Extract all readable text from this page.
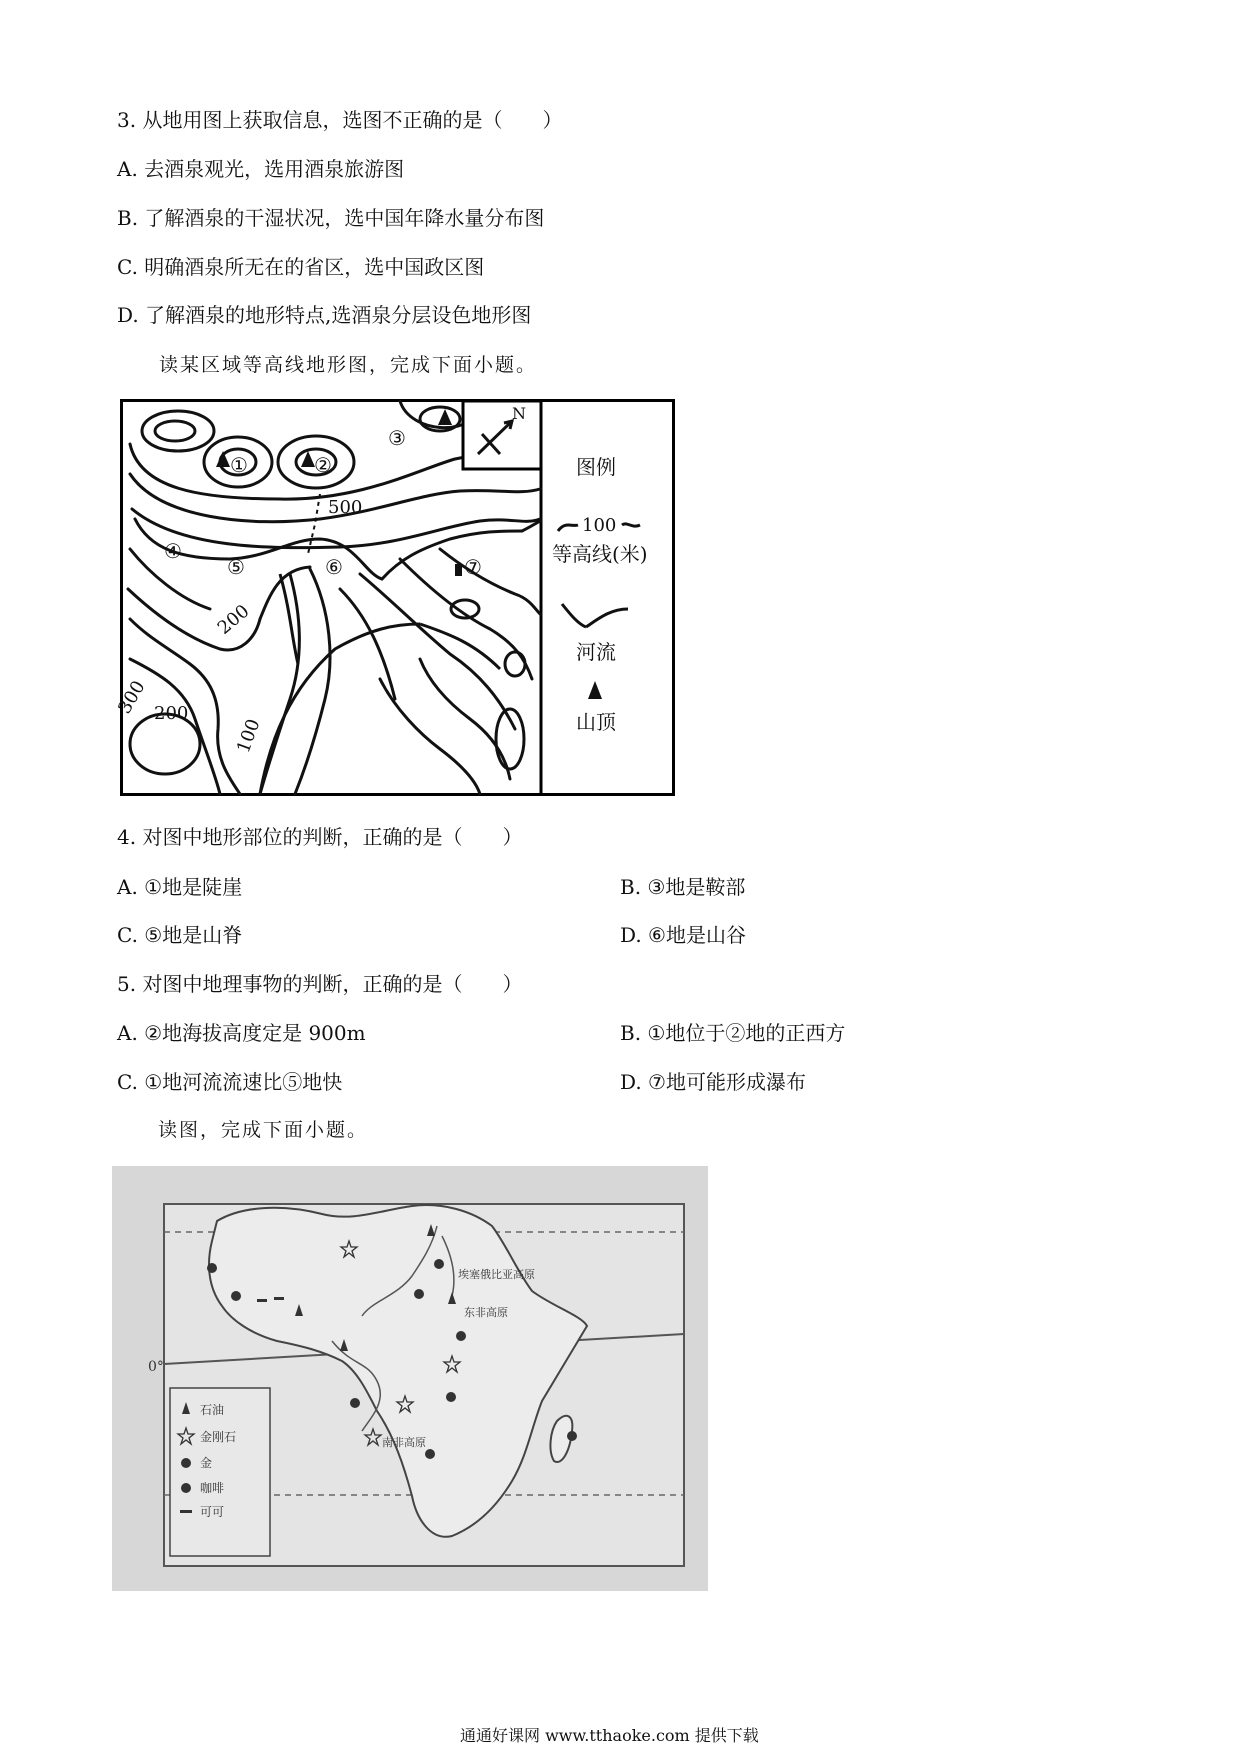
3. 从地用图上获取信息，选图不正确的是（　　）
A. 去酒泉观光，选用酒泉旅游图
B. 了解酒泉的干湿状况，选中国年降水量分布图
C. 明确酒泉所无在的省区，选中国政区图
D. 了解酒泉的地形特点,选酒泉分层设色地形图
读某区域等高线地形图，完成下面小题。
①	②
③
④
⑤	⑥	⑦
500
200
300 200
100
N
图例
100
等高线(米)
河流
山顶
4. 对图中地形部位的判断，正确的是（　　）
A. ①地是陡崖	B. ③地是鞍部
C. ⑤地是山脊	D. ⑥地是山谷
5. 对图中地理事物的判断，正确的是（　　）
A. ②地海拔高度定是 900m	B. ①地位于②地的正西方
C. ①地河流流速比⑤地快	D. ⑦地可能形成瀑布
读图，完成下面小题。
0°
埃塞俄比亚高原
东非高原
南非高原
石油
金刚石
金
咖啡
可可
通通好课网 www.tthaoke.com 提供下载
